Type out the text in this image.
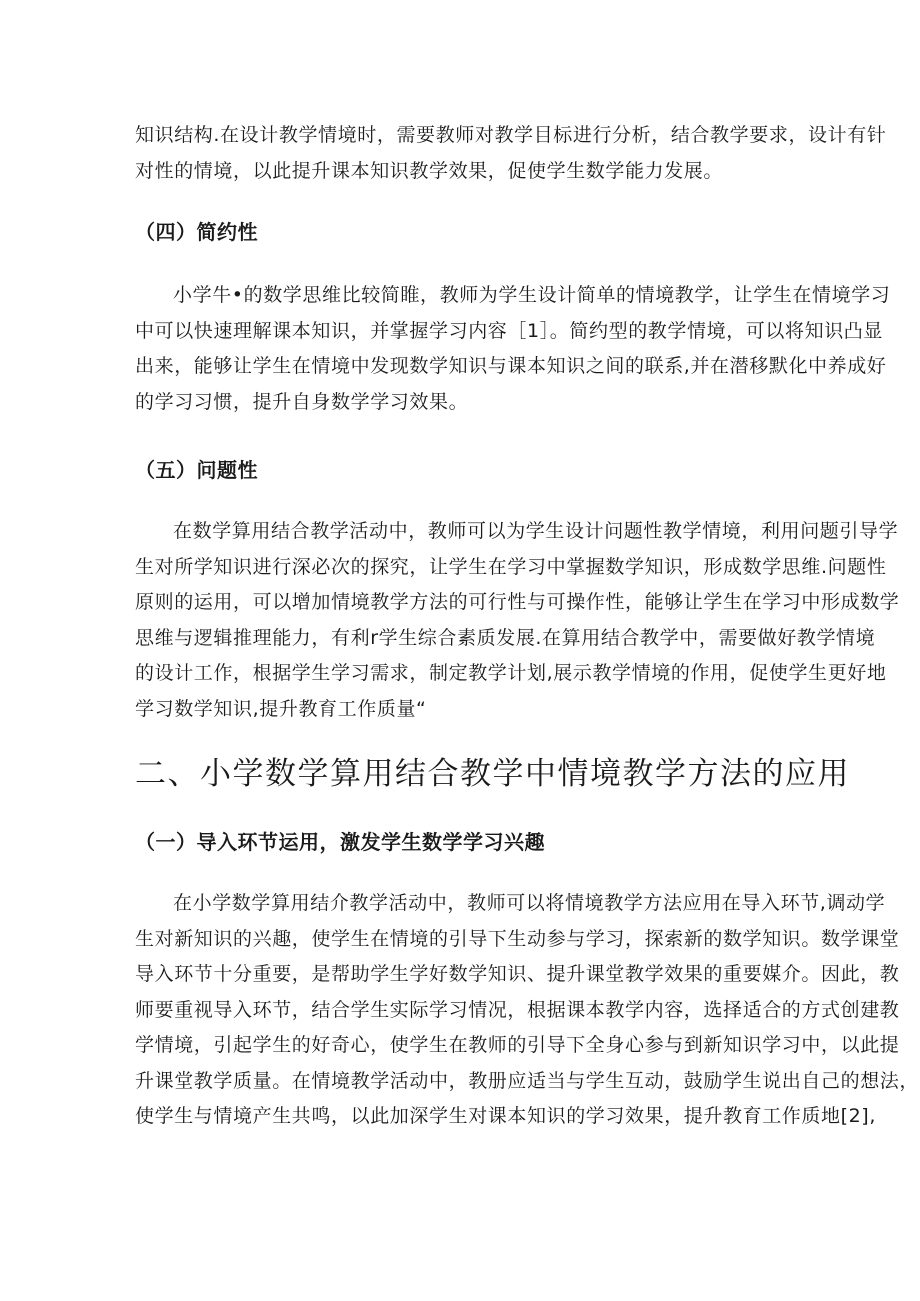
知识结构.在设计教学情境时，需要教师对教学目标进行分析，结合教学要求，设计有针
对性的情境，以此提升课本知识教学效果，促使学生数学能力发展。

（四）简约性

小学牛•的数学思维比较简睢，教师为学生设计简单的情境教学，让学生在情境学习
中可以快速理解课本知识，并掌握学习内容［1］。简约型的教学情境，可以将知识凸显
出来，能够让学生在情境中发现数学知识与课本知识之间的联系,并在潜移默化中养成好
的学习习惯，提升自身数学学习效果。

（五）问题性

在数学算用结合教学活动中，教师可以为学生设计问题性教学情境，利用问题引导学
生对所学知识进行深必次的探究，让学生在学习中掌握数学知识，形成数学思维.问题性
原则的运用，可以增加情境教学方法的可行性与可操作性，能够让学生在学习中形成数学
思维与逻辑推理能力，有利r学生综合素质发展.在算用结合教学中，需要做好教学情境
的设计工作，根据学生学习需求，制定教学计划,展示教学情境的作用，促使学生更好地
学习数学知识,提升教育工作质量“

二、小学数学算用结合教学中情境教学方法的应用
（一）导入环节运用，激发学生数学学习兴趣

在小学数学算用结介教学活动中，教师可以将情境教学方法应用在导入环节,调动学
生对新知识的兴趣，使学生在情境的引导下生动参与学习，探索新的数学知识。数学课堂
导入环节十分重要，是帮助学生学好数学知识、提升课堂教学效果的重要媒介。因此，教
师要重视导入环节，结合学生实际学习情况，根据课本教学内容，选择适合的方式创建教
学情境，引起学生的好奇心，使学生在教师的引导下全身心参与到新知识学习中，以此提
升课堂教学质量。在情境教学活动中，教册应适当与学生互动，鼓励学生说出自己的想法，
使学生与情境产生共鸣，以此加深学生对课本知识的学习效果，提升教育工作质地[2],
